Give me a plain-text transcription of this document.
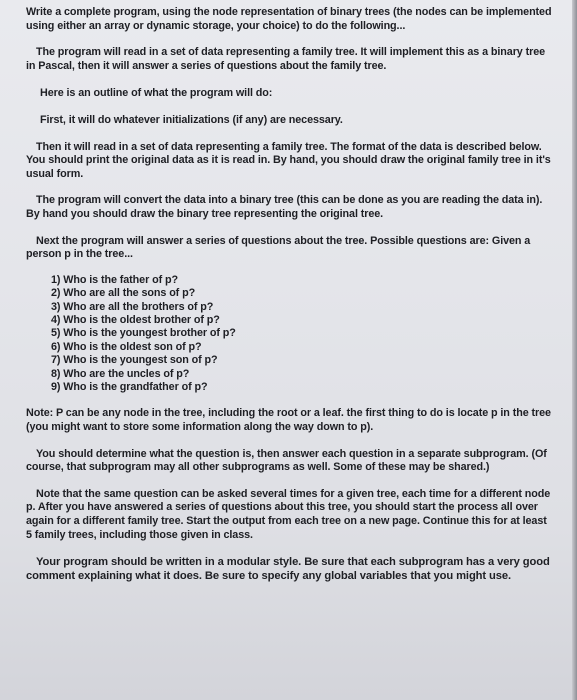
Write a complete program, using the node representation of binary trees (the nodes can be implemented using either an array or dynamic storage, your choice) to do the following...

The program will read in a set of data representing a family tree. It will implement this as a binary tree in Pascal, then it will answer a series of questions about the family tree.

Here is an outline of what the program will do:

First, it will do whatever initializations (if any) are necessary.

Then it will read in a set of data representing a family tree. The format of the data is described below. You should print the original data as it is read in. By hand, you should draw the original family tree in it's usual form.

The program will convert the data into a binary tree (this can be done as you are reading the data in). By hand you should draw the binary tree representing the original tree.

Next the program will answer a series of questions about the tree. Possible questions are: Given a person p in the tree...

1) Who is the father of p?
2) Who are all the sons of p?
3) Who are all the brothers of p?
4) Who is the oldest brother of p?
5) Who is the youngest brother of p?
6) Who is the oldest son of p?
7) Who is the youngest son of p?
8) Who are the uncles of p?
9) Who is the grandfather of p?

Note: P can be any node in the tree, including the root or a leaf. the first thing to do is locate p in the tree (you might want to store some information along the way down to p).

You should determine what the question is, then answer each question in a separate subprogram. (Of course, that subprogram may all other subprograms as well. Some of these may be shared.)

Note that the same question can be asked several times for a given tree, each time for a different node p. After you have answered a series of questions about this tree, you should start the process all over again for a different family tree. Start the output from each tree on a new page. Continue this for at least 5 family trees, including those given in class.

Your program should be written in a modular style. Be sure that each subprogram has a very good comment explaining what it does. Be sure to specify any global variables that you might use.
